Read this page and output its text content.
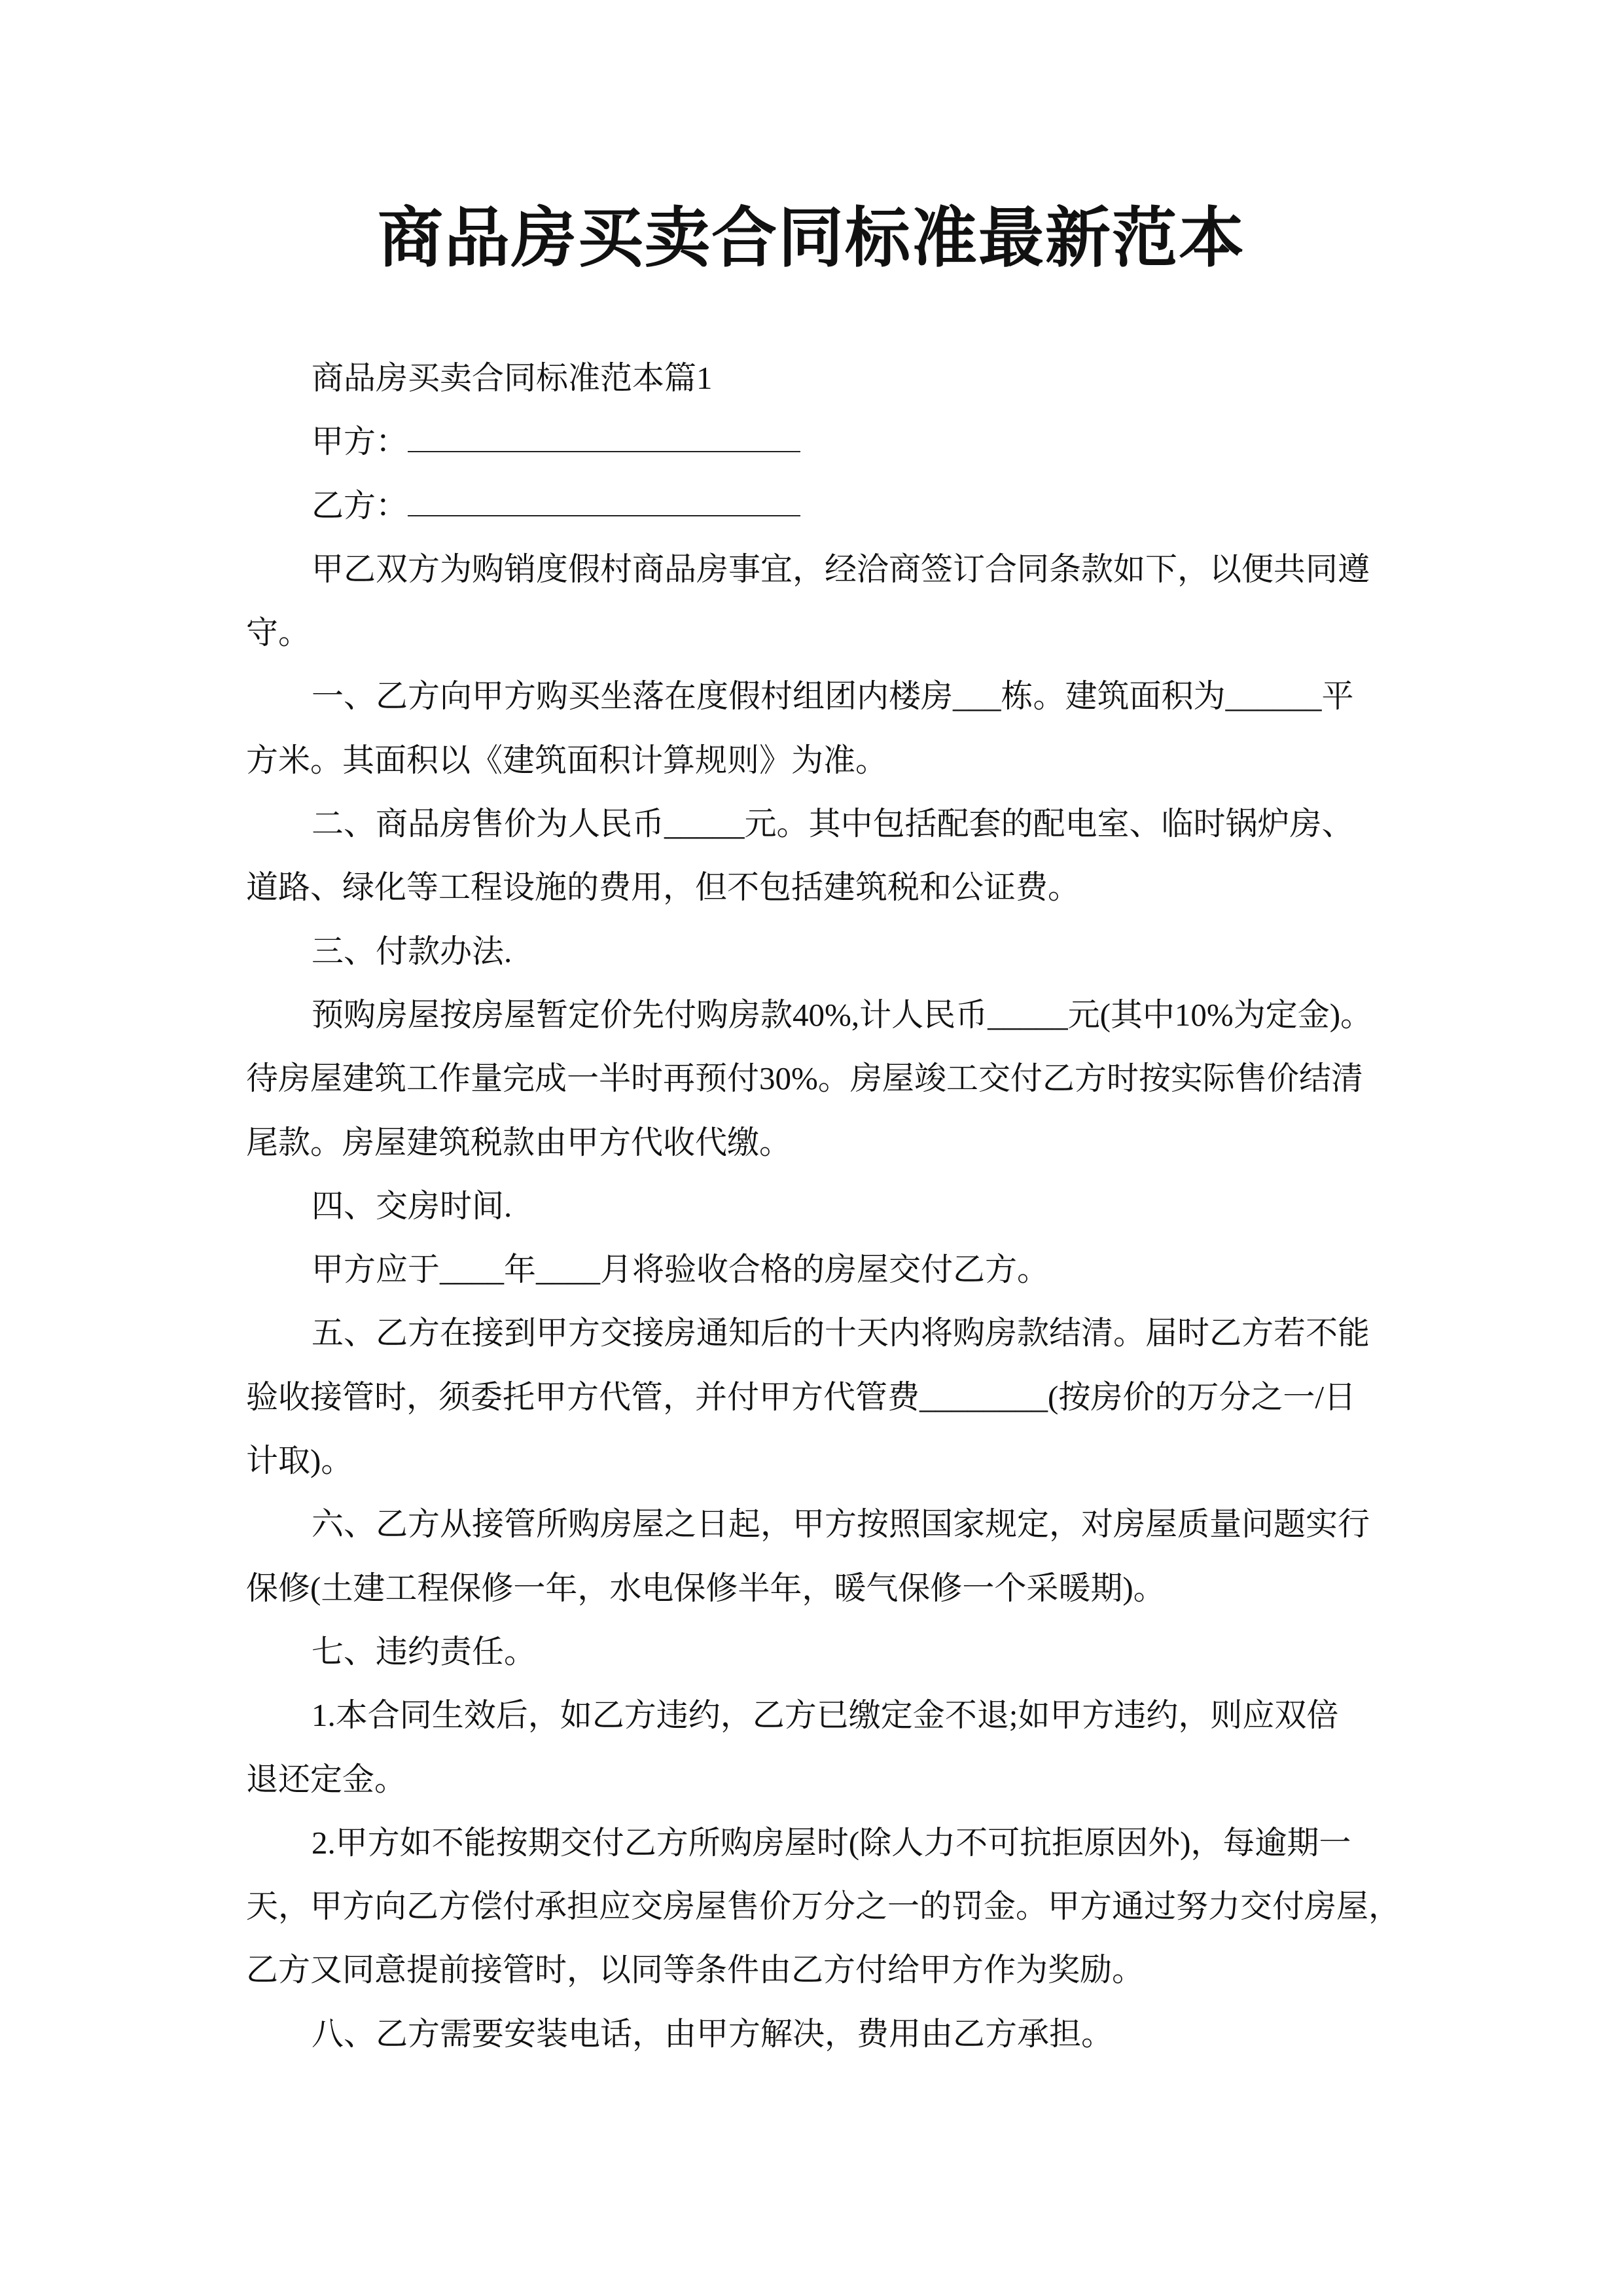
商品房买卖合同标准最新范本
商品房买卖合同标准范本篇1
甲方：
乙方：
甲乙双方为购销度假村商品房事宜，经洽商签订合同条款如下，以便共同遵
守。
一、乙方向甲方购买坐落在度假村组团内楼房___栋。建筑面积为______平
方米。其面积以《建筑面积计算规则》为准。
二、商品房售价为人民币_____元。其中包括配套的配电室、临时锅炉房、
道路、绿化等工程设施的费用，但不包括建筑税和公证费。
三、付款办法.
预购房屋按房屋暂定价先付购房款40%,计人民币_____元(其中10%为定金)。
待房屋建筑工作量完成一半时再预付30%。房屋竣工交付乙方时按实际售价结清
尾款。房屋建筑税款由甲方代收代缴。
四、交房时间.
甲方应于____年____月将验收合格的房屋交付乙方。
五、乙方在接到甲方交接房通知后的十天内将购房款结清。届时乙方若不能
验收接管时，须委托甲方代管，并付甲方代管费________(按房价的万分之一/日
计取)。
六、乙方从接管所购房屋之日起，甲方按照国家规定，对房屋质量问题实行
保修(土建工程保修一年，水电保修半年，暖气保修一个采暖期)。
七、违约责任。
1.本合同生效后，如乙方违约，乙方已缴定金不退;如甲方违约，则应双倍
退还定金。
2.甲方如不能按期交付乙方所购房屋时(除人力不可抗拒原因外)，每逾期一
天，甲方向乙方偿付承担应交房屋售价万分之一的罚金。甲方通过努力交付房屋，
乙方又同意提前接管时，以同等条件由乙方付给甲方作为奖励。
八、乙方需要安装电话，由甲方解决，费用由乙方承担。
